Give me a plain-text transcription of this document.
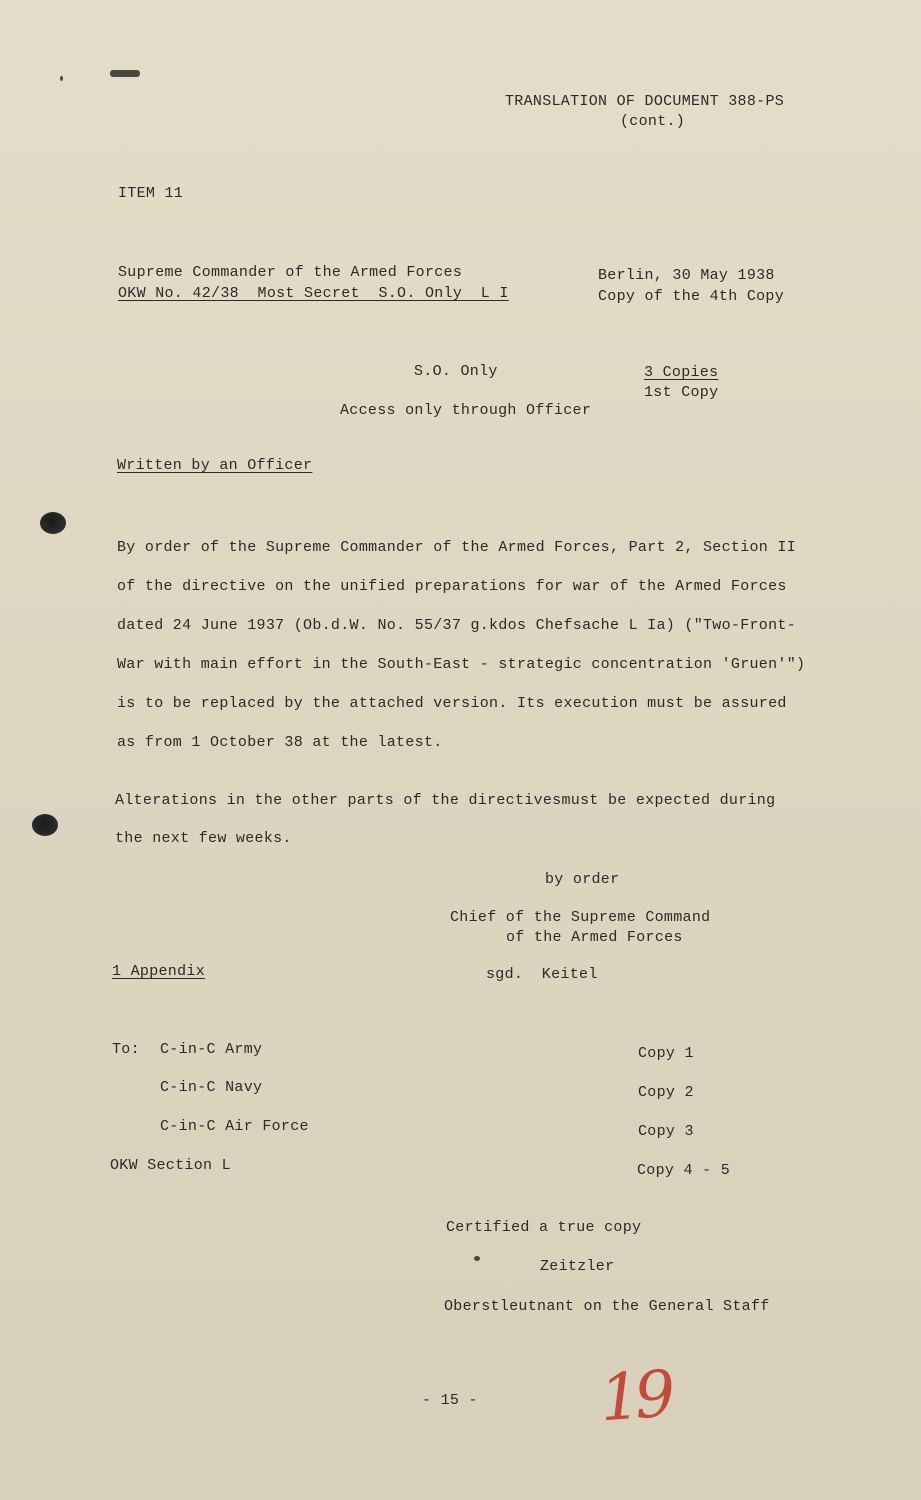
TRANSLATION OF DOCUMENT 388-PS
(cont.)
ITEM 11
Supreme Commander of the Armed Forces
OKW No. 42/38  Most Secret  S.O. Only  L I
Berlin, 30 May 1938
Copy of the 4th Copy
S.O. Only	3 Copies
1st Copy
Access only through Officer
Written by an Officer
By order of the Supreme Commander of the Armed Forces, Part 2, Section II
of the directive on the unified preparations for war of the Armed Forces
dated 24 June 1937 (Ob.d.W. No. 55/37 g.kdos Chefsache L Ia) ("Two-Front-
War with main effort in the South-East - strategic concentration 'Gruen'")
is to be replaced by the attached version. Its execution must be assured
as from 1 October 38 at the latest.
Alterations in the other parts of the directivesmust be expected during
the next few weeks.
by order
Chief of the Supreme Command
of the Armed Forces
1 Appendix	sgd.  Keitel
To: C-in-C Army	Copy 1
C-in-C Navy	Copy 2
C-in-C Air Force	Copy 3
OKW Section L	Copy 4 - 5
Certified a true copy
Zeitzler
Oberstleutnant on the General Staff
- 15 - 19
